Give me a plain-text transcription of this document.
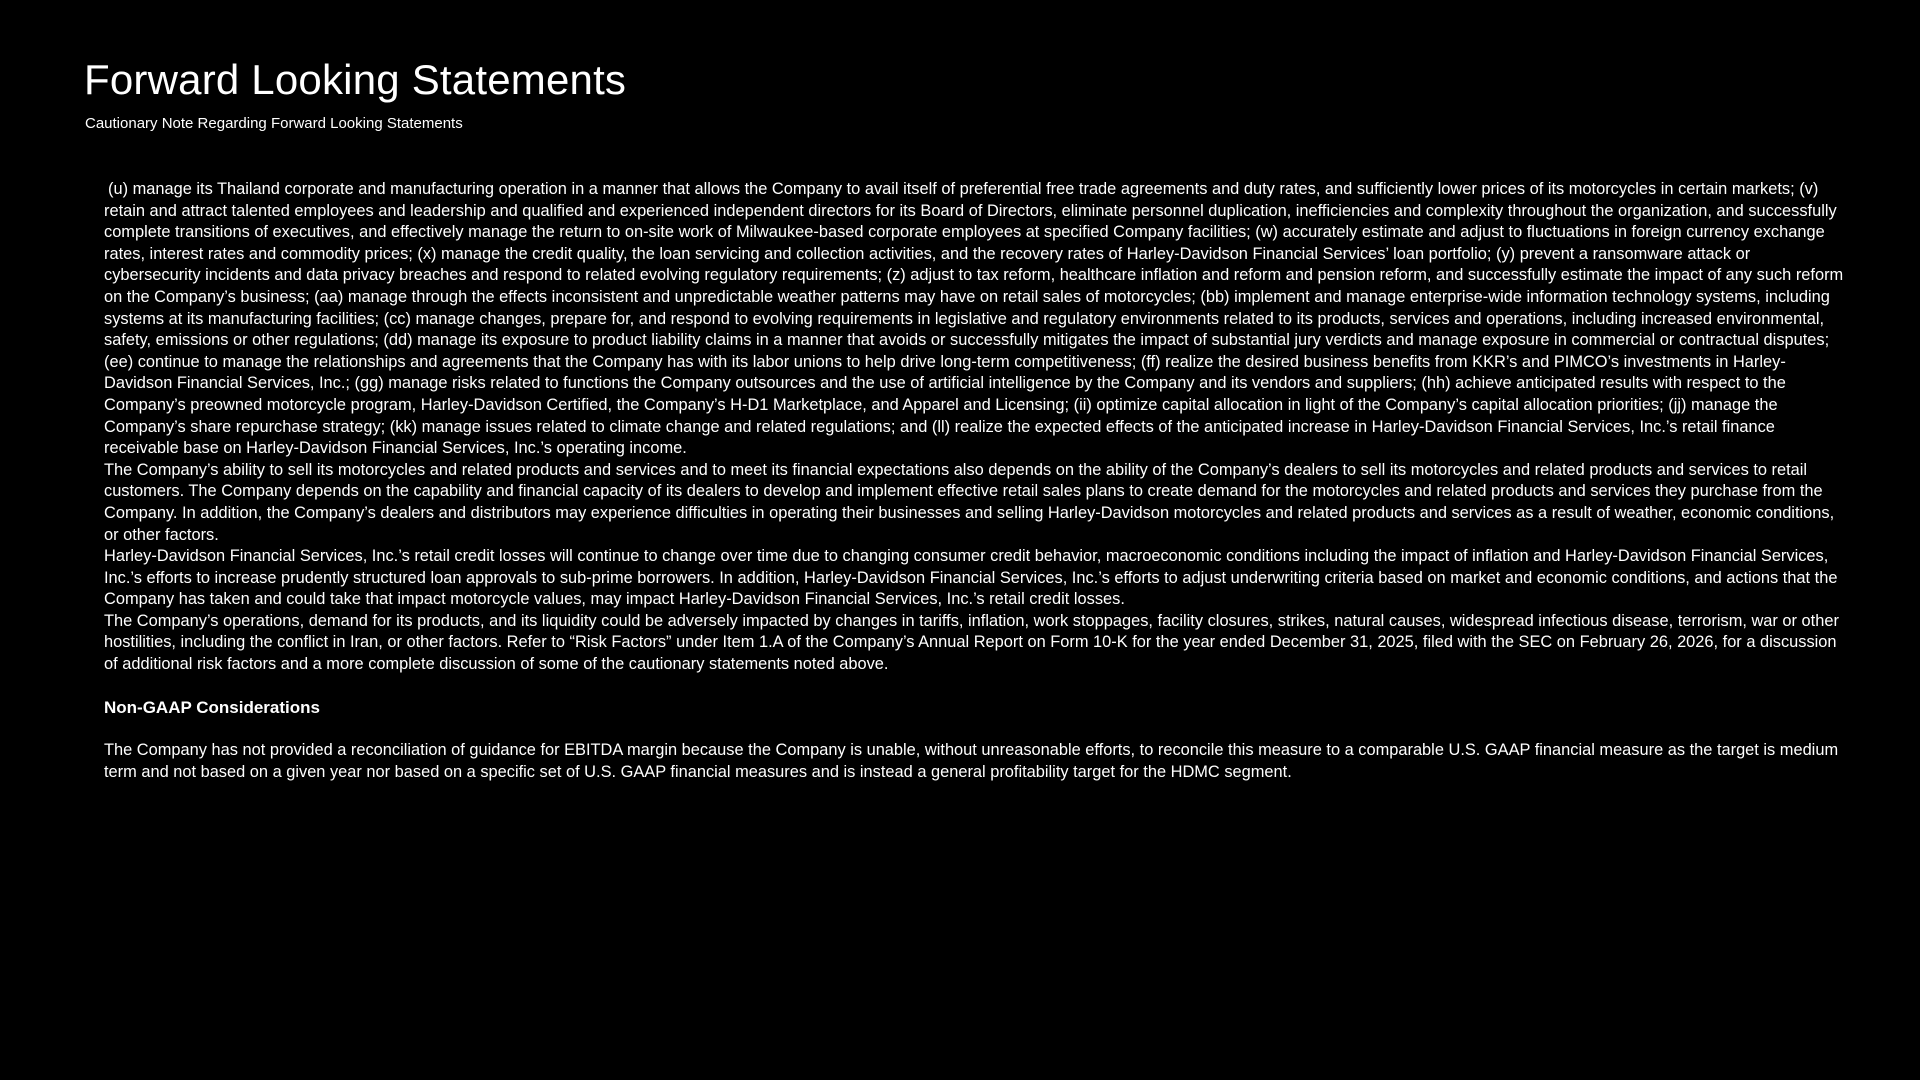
Forward Looking Statements

Cautionary Note Regarding Forward Looking Statements

(u) manage its Thailand corporate and manufacturing operation in a manner that allows the Company to avail itself of preferential free trade agreements and duty rates, and sufficiently lower prices of its motorcycles in certain markets; (v) retain and attract talented employees and leadership and qualified and experienced independent directors for its Board of Directors, eliminate personnel duplication, inefficiencies and complexity throughout the organization, and successfully complete transitions of executives, and effectively manage the return to on-site work of Milwaukee-based corporate employees at specified Company facilities; (w) accurately estimate and adjust to fluctuations in foreign currency exchange rates, interest rates and commodity prices; (x) manage the credit quality, the loan servicing and collection activities, and the recovery rates of Harley-Davidson Financial Services’ loan portfolio; (y) prevent a ransomware attack or cybersecurity incidents and data privacy breaches and respond to related evolving regulatory requirements; (z) adjust to tax reform, healthcare inflation and reform and pension reform, and successfully estimate the impact of any such reform on the Company’s business; (aa) manage through the effects inconsistent and unpredictable weather patterns may have on retail sales of motorcycles; (bb) implement and manage enterprise-wide information technology systems, including systems at its manufacturing facilities; (cc) manage changes, prepare for, and respond to evolving requirements in legislative and regulatory environments related to its products, services and operations, including increased environmental, safety, emissions or other regulations; (dd) manage its exposure to product liability claims in a manner that avoids or successfully mitigates the impact of substantial jury verdicts and manage exposure in commercial or contractual disputes; (ee) continue to manage the relationships and agreements that the Company has with its labor unions to help drive long-term competitiveness; (ff) realize the desired business benefits from KKR’s and PIMCO’s investments in Harley-Davidson Financial Services, Inc.; (gg) manage risks related to functions the Company outsources and the use of artificial intelligence by the Company and its vendors and suppliers; (hh) achieve anticipated results with respect to the Company’s preowned motorcycle program, Harley-Davidson Certified, the Company’s H-D1 Marketplace, and Apparel and Licensing; (ii) optimize capital allocation in light of the Company’s capital allocation priorities; (jj) manage the Company’s share repurchase strategy; (kk) manage issues related to climate change and related regulations; and (ll) realize the expected effects of the anticipated increase in Harley-Davidson Financial Services, Inc.’s retail finance receivable base on Harley-Davidson Financial Services, Inc.’s operating income.

The Company’s ability to sell its motorcycles and related products and services and to meet its financial expectations also depends on the ability of the Company’s dealers to sell its motorcycles and related products and services to retail customers. The Company depends on the capability and financial capacity of its dealers to develop and implement effective retail sales plans to create demand for the motorcycles and related products and services they purchase from the Company. In addition, the Company’s dealers and distributors may experience difficulties in operating their businesses and selling Harley-Davidson motorcycles and related products and services as a result of weather, economic conditions, or other factors.

Harley-Davidson Financial Services, Inc.’s retail credit losses will continue to change over time due to changing consumer credit behavior, macroeconomic conditions including the impact of inflation and Harley-Davidson Financial Services, Inc.’s efforts to increase prudently structured loan approvals to sub-prime borrowers. In addition, Harley-Davidson Financial Services, Inc.’s efforts to adjust underwriting criteria based on market and economic conditions, and actions that the Company has taken and could take that impact motorcycle values, may impact Harley-Davidson Financial Services, Inc.’s retail credit losses.

The Company’s operations, demand for its products, and its liquidity could be adversely impacted by changes in tariffs, inflation, work stoppages, facility closures, strikes, natural causes, widespread infectious disease, terrorism, war or other hostilities, including the conflict in Iran, or other factors. Refer to “Risk Factors” under Item 1.A of the Company’s Annual Report on Form 10-K for the year ended December 31, 2025, filed with the SEC on February 26, 2026, for a discussion of additional risk factors and a more complete discussion of some of the cautionary statements noted above.

Non-GAAP Considerations

The Company has not provided a reconciliation of guidance for EBITDA margin because the Company is unable, without unreasonable efforts, to reconcile this measure to a comparable U.S. GAAP financial measure as the target is medium term and not based on a given year nor based on a specific set of U.S. GAAP financial measures and is instead a general profitability target for the HDMC segment.
